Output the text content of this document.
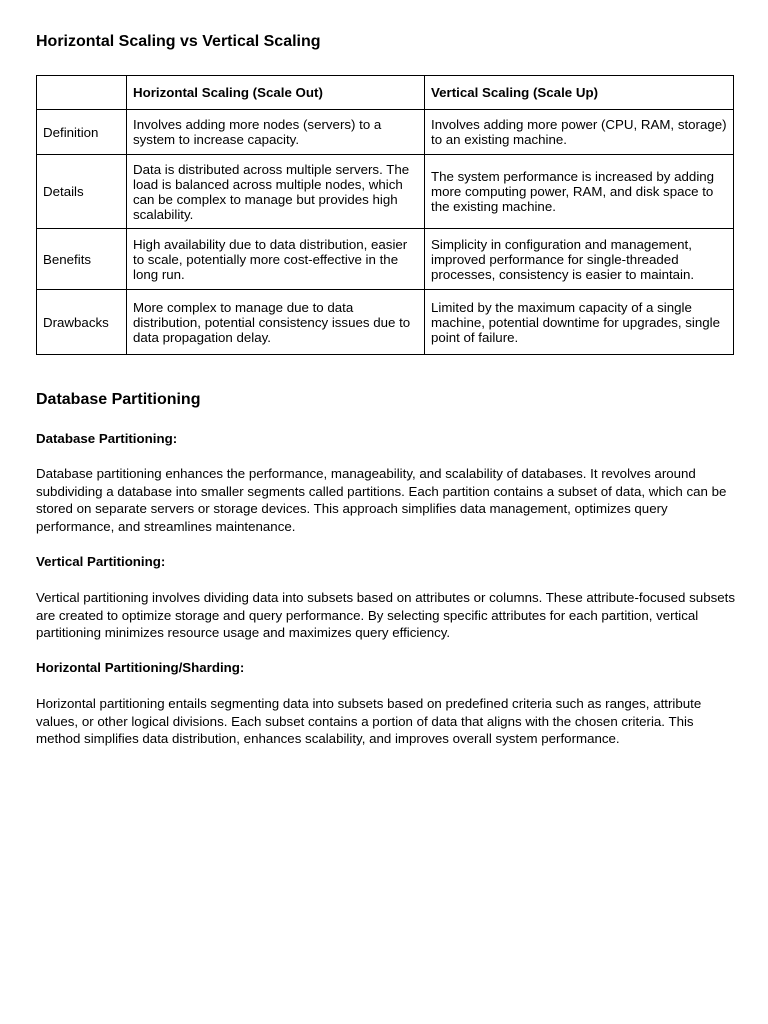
Horizontal Scaling vs Vertical Scaling
	Horizontal Scaling (Scale Out)	Vertical Scaling (Scale Up)
Definition	Involves adding more nodes (servers) to a system to increase capacity.	Involves adding more power (CPU, RAM, storage) to an existing machine.
Details	Data is distributed across multiple servers. The load is balanced across multiple nodes, which can be complex to manage but provides high scalability.	The system performance is increased by adding more computing power, RAM, and disk space to the existing machine.
Benefits	High availability due to data distribution, easier to scale, potentially more cost-effective in the long run.	Simplicity in configuration and management, improved performance for single-threaded processes, consistency is easier to maintain.
Drawbacks	More complex to manage due to data distribution, potential consistency issues due to data propagation delay.	Limited by the maximum capacity of a single machine, potential downtime for upgrades, single point of failure.
Database Partitioning
Database Partitioning:

Database partitioning enhances the performance, manageability, and scalability of databases. It revolves around subdividing a database into smaller segments called partitions. Each partition contains a subset of data, which can be stored on separate servers or storage devices. This approach simplifies data management, optimizes query performance, and streamlines maintenance.

Vertical Partitioning:

Vertical partitioning involves dividing data into subsets based on attributes or columns. These attribute-focused subsets are created to optimize storage and query performance. By selecting specific attributes for each partition, vertical partitioning minimizes resource usage and maximizes query efficiency.

Horizontal Partitioning/Sharding:

Horizontal partitioning entails segmenting data into subsets based on predefined criteria such as ranges, attribute values, or other logical divisions. Each subset contains a portion of data that aligns with the chosen criteria. This method simplifies data distribution, enhances scalability, and improves overall system performance.
